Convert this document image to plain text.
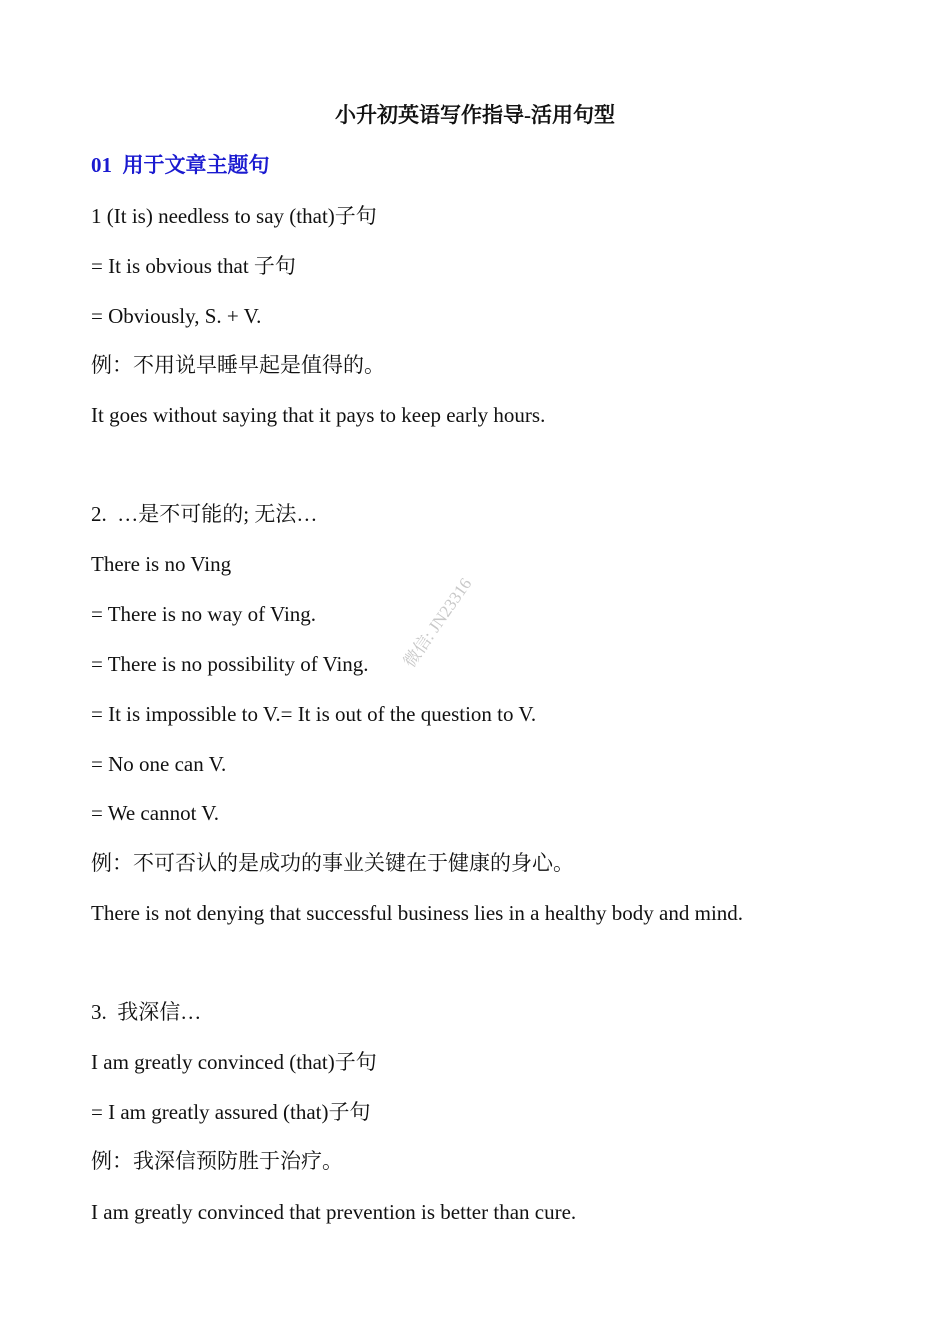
小升初英语写作指导-活用句型
01  用于文章主题句
1 (It is) needless to say (that)子句
= It is obvious that 子句
= Obviously, S. + V.
例：不用说早睡早起是值得的。
It goes without saying that it pays to keep early hours.
2.  …是不可能的; 无法…
There is no Ving
= There is no way of Ving.
= There is no possibility of Ving.
= It is impossible to V.= It is out of the question to V.
= No one can V.
= We cannot V.
例：不可否认的是成功的事业关键在于健康的身心。
There is not denying that successful business lies in a healthy body and mind.
3.  我深信…
I am greatly convinced (that)子句
= I am greatly assured (that)子句
例：我深信预防胜于治疗。
I am greatly convinced that prevention is better than cure.
微信: JN23316
